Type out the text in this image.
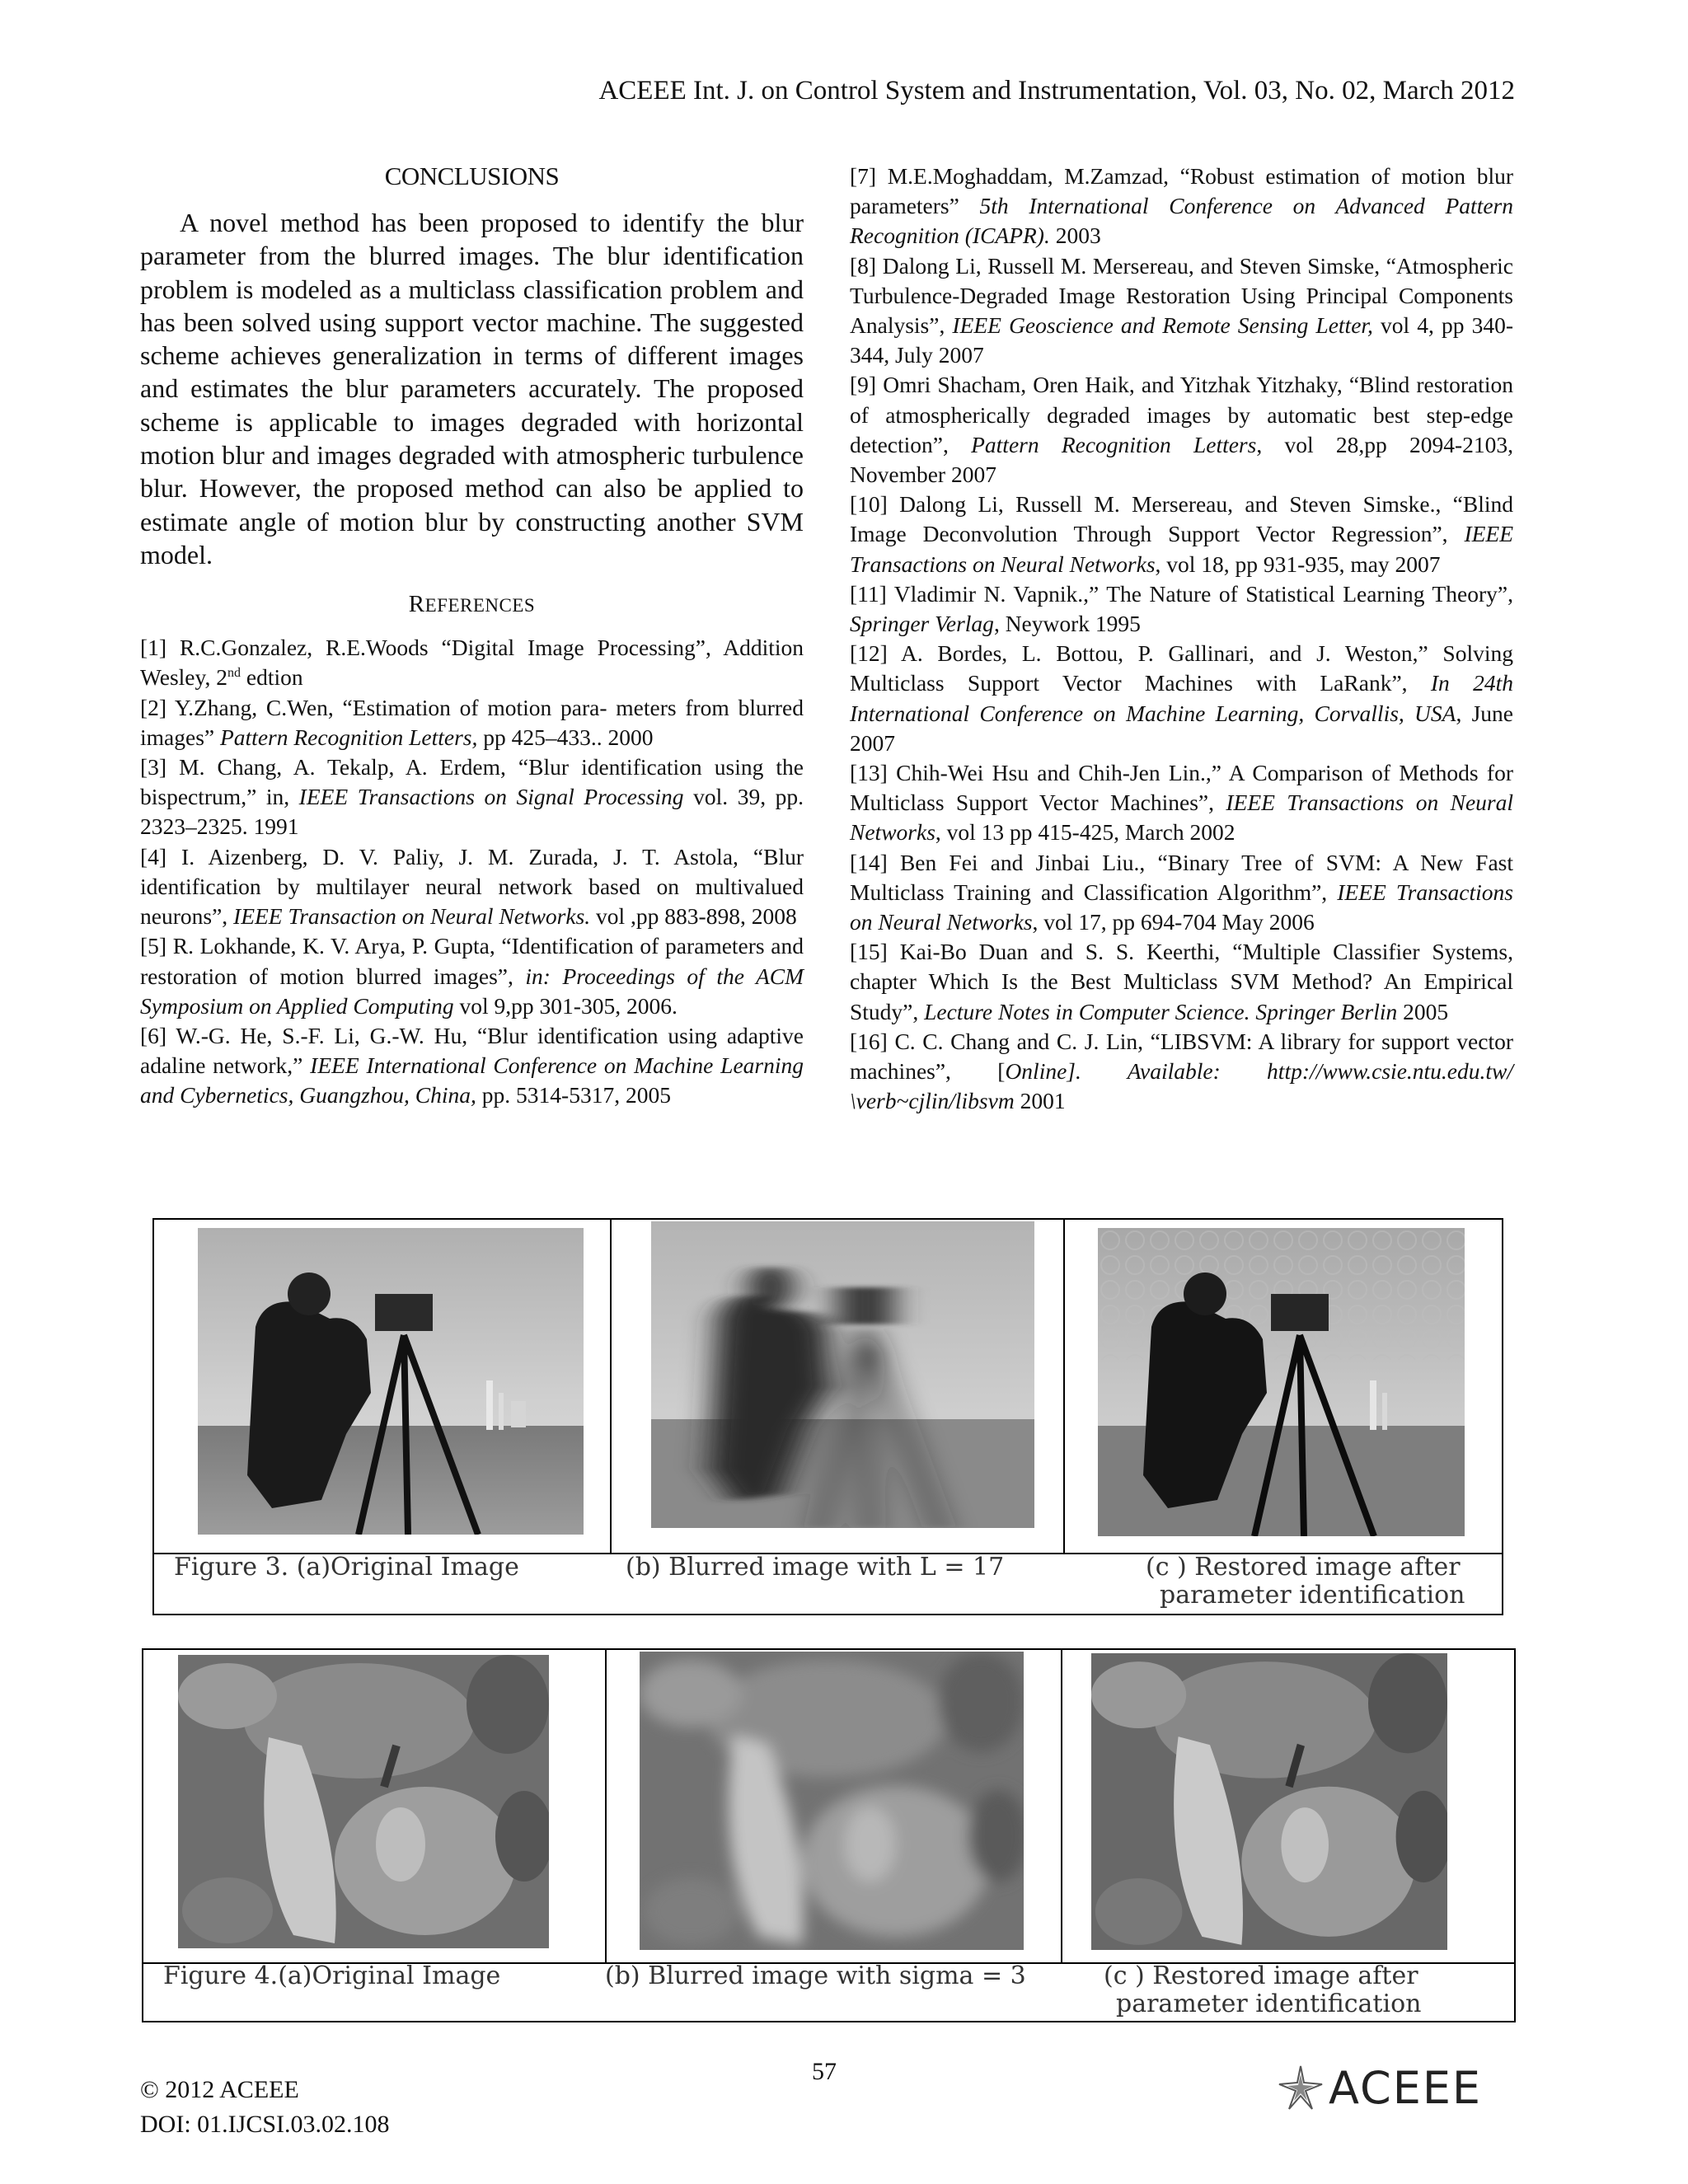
ACEEE Int. J. on Control System and Instrumentation, Vol. 03, No. 02, March 2012
CONCLUSIONS

A novel method has been proposed to identify the blur parameter from the blurred images. The blur identification problem is modeled as a multiclass classification problem and has been solved using support vector machine. The suggested scheme achieves generalization in terms of different images and estimates the blur parameters accurately. The proposed scheme is applicable to images degraded with horizontal motion blur and images degraded with atmospheric turbulence blur. However, the proposed method can also be applied to estimate angle of motion blur by constructing another SVM model.

REFERENCES

[1] R.C.Gonzalez, R.E.Woods “Digital Image Processing”, Addition Wesley, 2nd edtion

[2] Y.Zhang, C.Wen, “Estimation of motion para- meters from blurred images” Pattern Recognition Letters, pp 425–433.. 2000

[3] M. Chang, A. Tekalp, A. Erdem, “Blur identification using the bispectrum,” in, IEEE Transactions on Signal Processing vol. 39, pp. 2323–2325. 1991

[4] I. Aizenberg, D. V. Paliy, J. M. Zurada, J. T. Astola, “Blur identification by multilayer neural network based on multivalued neurons”, IEEE Transaction on Neural Networks. vol ,pp 883-898, 2008

[5] R. Lokhande, K. V. Arya, P. Gupta, “Identification of parameters and restoration of motion blurred images”, in: Proceedings of the ACM Symposium on Applied Computing vol 9,pp 301-305, 2006.

[6] W.-G. He, S.-F. Li, G.-W. Hu, “Blur identification using adaptive adaline network,” IEEE International Conference on Machine Learning and Cybernetics, Guangzhou, China, pp. 5314-5317, 2005

[7] M.E.Moghaddam, M.Zamzad, “Robust estimation of motion blur parameters” 5th International Conference on Advanced Pattern Recognition (ICAPR). 2003

[8] Dalong Li, Russell M. Mersereau, and Steven Simske, “Atmospheric Turbulence-Degraded Image Restoration Using Principal Components Analysis”, IEEE Geoscience and Remote Sensing Letter, vol 4, pp 340-344, July 2007

[9] Omri Shacham, Oren Haik, and Yitzhak Yitzhaky, “Blind restoration of atmospherically degraded images by automatic best step-edge detection”, Pattern Recognition Letters, vol 28,pp 2094-2103, November 2007

[10] Dalong Li, Russell M. Mersereau, and Steven Simske., “Blind Image Deconvolution Through Support Vector Regression”, IEEE Transactions on Neural Networks, vol 18, pp 931-935, may 2007

[11] Vladimir N. Vapnik.,” The Nature of Statistical Learning Theory”, Springer Verlag, Neywork 1995

[12] A. Bordes, L. Bottou, P. Gallinari, and J. Weston,” Solving Multiclass Support Vector Machines with LaRank”, In 24th International Conference on Machine Learning, Corvallis, USA, June 2007

[13] Chih-Wei Hsu and Chih-Jen Lin.,” A Comparison of Methods for Multiclass Support Vector Machines”, IEEE Transactions on Neural Networks, vol 13 pp 415-425, March 2002

[14] Ben Fei and Jinbai Liu., “Binary Tree of SVM: A New Fast Multiclass Training and Classification Algorithm”, IEEE Transactions on Neural Networks, vol 17, pp 694-704 May 2006

[15] Kai-Bo Duan and S. S. Keerthi, “Multiple Classifier Systems, chapter Which Is the Best Multiclass SVM Method? An Empirical Study”, Lecture Notes in Computer Science. Springer Berlin 2005

[16] C. C. Chang and C. J. Lin, “LIBSVM: A library for support vector machines”, [Online]. Available: http://www.csie.ntu.edu.tw/ \verb~cjlin/libsvm 2001

Figure 3. (a)Original Image	(b) Blurred image with L = 17	(c ) Restored image after
parameter identification
Figure 4.(a)Original Image	(b) Blurred image with sigma = 3	(c ) Restored image after
parameter identification
© 2012 ACEEE
DOI: 01.IJCSI.03.02.108
57	ACEEE
